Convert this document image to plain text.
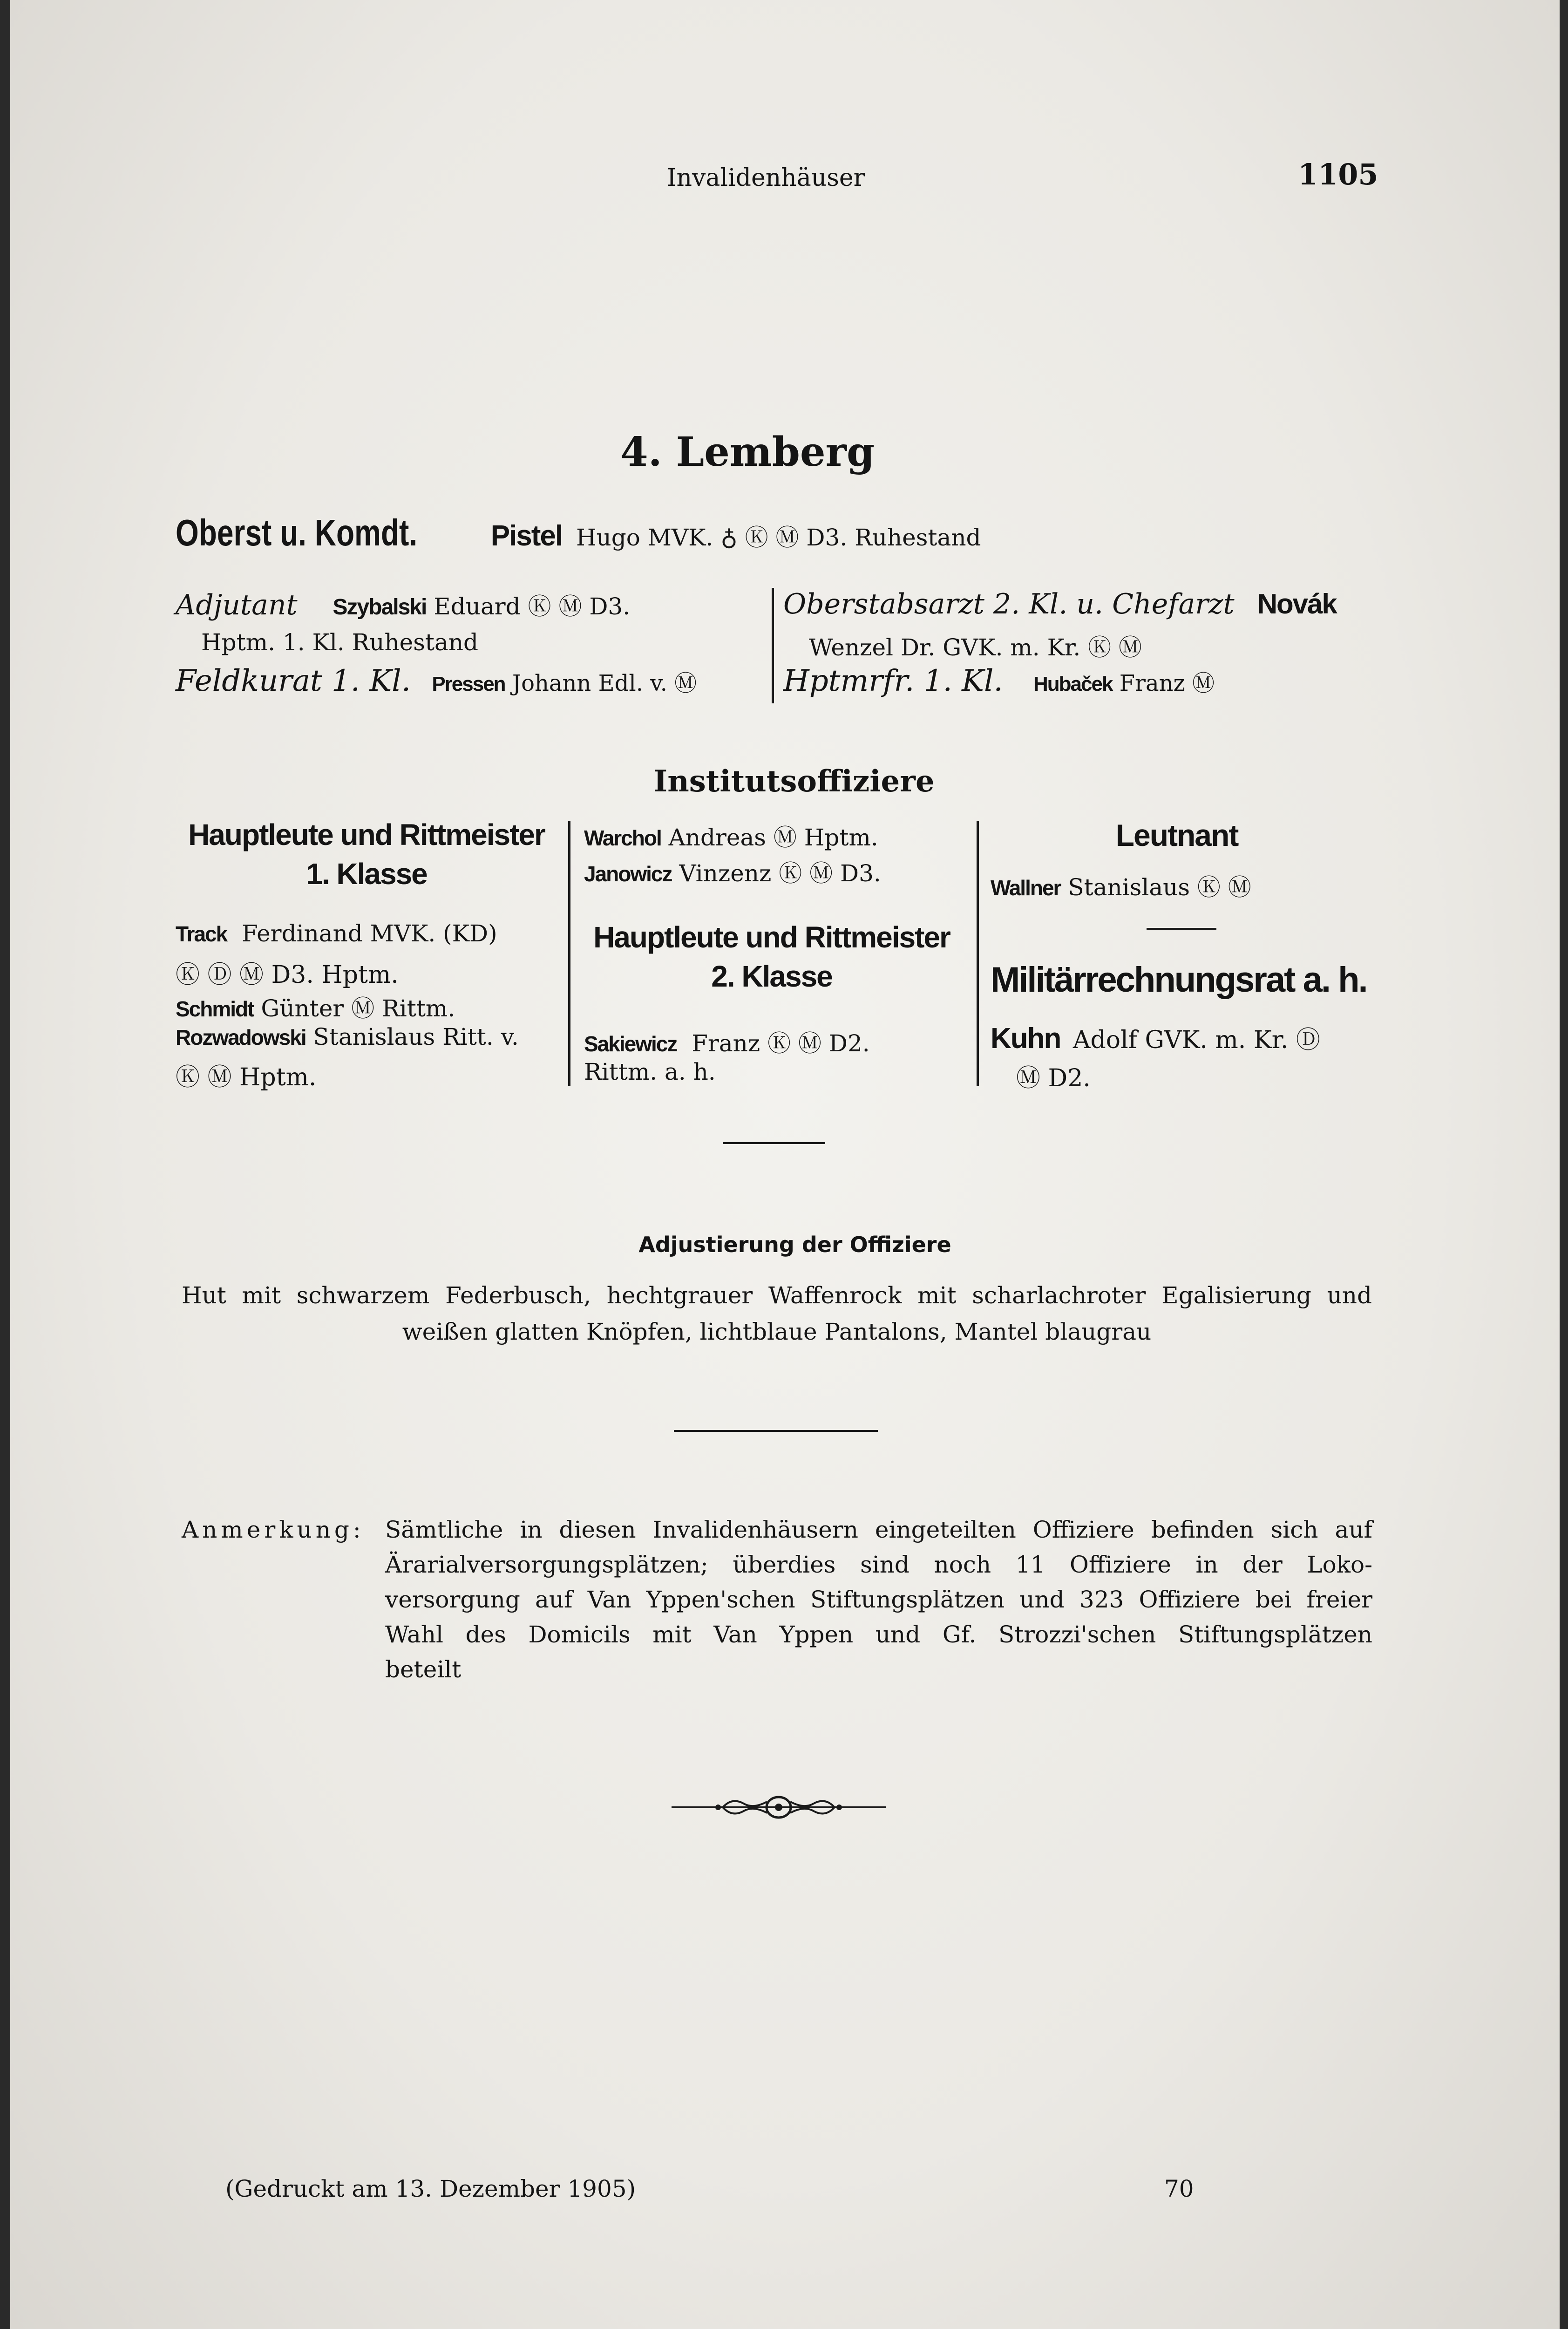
Invalidenhäuser	1105
4. Lemberg
Oberst u. Komdt.	Pistel Hugo MVK. ♁ Ⓚ Ⓜ D3. Ruhestand
Adjutant Szybalski Eduard Ⓚ Ⓜ D3.
Hptm. 1. Kl. Ruhestand
Feldkurat 1. Kl. Pressen Johann Edl. v. Ⓜ
Oberstabsarzt 2. Kl. u. Chefarzt Novák
Wenzel Dr. GVK. m. Kr. Ⓚ Ⓜ
Hptmrfr. 1. Kl. Hubaček Franz Ⓜ
Institutsoffiziere
Hauptleute und Rittmeister
1. Klasse
Track Ferdinand MVK. (KD)
Ⓚ Ⓓ Ⓜ D3. Hptm.
Schmidt Günter Ⓜ Rittm.
Rozwadowski Stanislaus Ritt. v.
Ⓚ Ⓜ Hptm.
Warchol Andreas Ⓜ Hptm.
Janowicz Vinzenz Ⓚ Ⓜ D3.
Hauptleute und Rittmeister
2. Klasse
Sakiewicz Franz Ⓚ Ⓜ D2.
Rittm. a. h.
Leutnant
Wallner Stanislaus Ⓚ Ⓜ
Militärrechnungsrat a. h.
Kuhn Adolf GVK. m. Kr. Ⓓ
Ⓜ D2.
Adjustierung der Offiziere
Hut mit schwarzem Federbusch, hechtgrauer Waffenrock mit scharlachroter Egalisierung und
weißen glatten Knöpfen, lichtblaue Pantalons, Mantel blaugrau
Anmerkung: Sämtliche in diesen Invalidenhäusern eingeteilten Offiziere befinden sich auf
Ärarialversorgungsplätzen; überdies sind noch 11 Offiziere in der Loko-
versorgung auf Van Yppen'schen Stiftungsplätzen und 323 Offiziere bei freier
Wahl des Domicils mit Van Yppen und Gf. Strozzi'schen Stiftungsplätzen
beteilt
(Gedruckt am 13. Dezember 1905)	70
